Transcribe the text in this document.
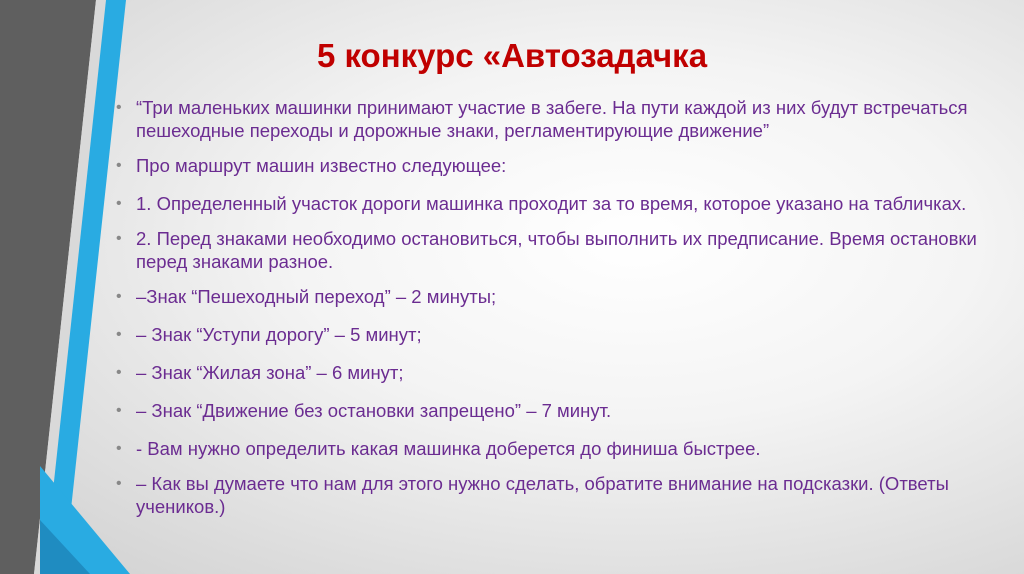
5 конкурс «Автозадачка
• “Три маленьких машинки принимают участие в забеге. На пути каждой из них будут встречаться пешеходные переходы и дорожные знаки, регламентирующие движение”
• Про маршрут машин известно следующее:
• 1. Определенный участок дороги машинка проходит за то время, которое указано на табличках.
• 2. Перед знаками необходимо остановиться, чтобы выполнить их предписание. Время остановки перед знаками разное.
• –Знак “Пешеходный переход” – 2 минуты;
• – Знак “Уступи дорогу” – 5 минут;
• – Знак “Жилая зона” – 6 минут;
• – Знак “Движение без остановки запрещено” – 7 минут.
• - Вам нужно определить какая машинка доберется до финиша быстрее.
• – Как вы думаете что нам для этого нужно сделать, обратите внимание на подсказки. (Ответы учеников.)
